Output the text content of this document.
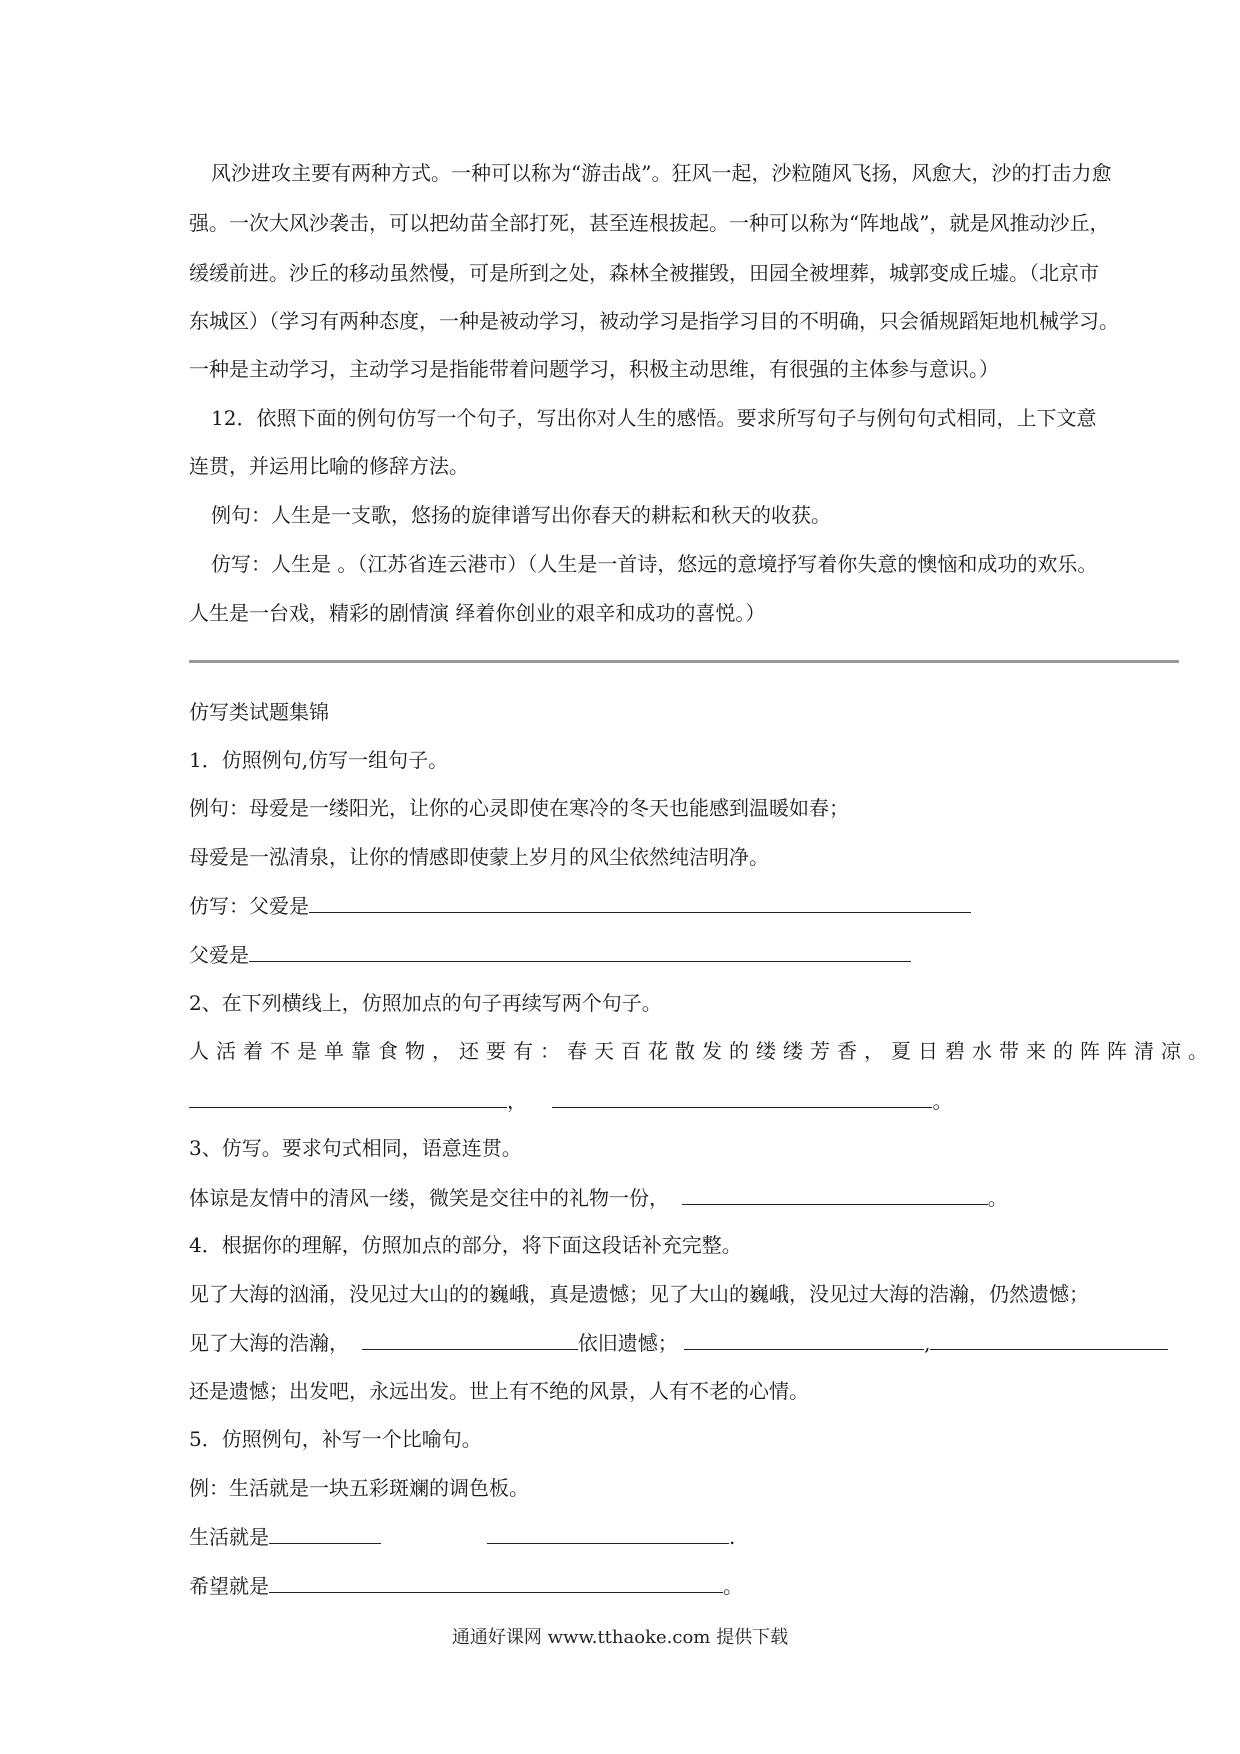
风沙进攻主要有两种方式。一种可以称为“游击战”。狂风一起，沙粒随风飞扬，风愈大，沙的打击力愈
强。一次大风沙袭击，可以把幼苗全部打死，甚至连根拔起。一种可以称为“阵地战”，就是风推动沙丘，
缓缓前进。沙丘的移动虽然慢，可是所到之处，森林全被摧毁，田园全被埋葬，城郭变成丘墟。（北京市
东城区）（学习有两种态度，一种是被动学习，被动学习是指学习目的不明确，只会循规蹈矩地机械学习。
一种是主动学习，主动学习是指能带着问题学习，积极主动思维，有很强的主体参与意识。）
12．依照下面的例句仿写一个句子，写出你对人生的感悟。要求所写句子与例句句式相同，上下文意
连贯，并运用比喻的修辞方法。
例句：人生是一支歌，悠扬的旋律谱写出你春天的耕耘和秋天的收获。
仿写：人生是 。（江苏省连云港市）（人生是一首诗，悠远的意境抒写着你失意的懊恼和成功的欢乐。
人生是一台戏，精彩的剧情演 绎着你创业的艰辛和成功的喜悦。）
仿写类试题集锦
1．仿照例句,仿写一组句子。
例句：母爱是一缕阳光，让你的心灵即使在寒冷的冬天也能感到温暖如春；
母爱是一泓清泉，让你的情感即使蒙上岁月的风尘依然纯洁明净。
仿写：父爱是
父爱是
2、在下列横线上，仿照加点的句子再续写两个句子。
人活着不是单靠食物，还要有：春天百花散发的缕缕芳香，夏日碧水带来的阵阵清凉。
，	。
3、仿写。要求句式相同，语意连贯。
体谅是友情中的清风一缕，微笑是交往中的礼物一份，	。
4．根据你的理解，仿照加点的部分，将下面这段话补充完整。
见了大海的汹涌，没见过大山的的巍峨，真是遗憾；见了大山的巍峨，没见过大海的浩瀚，仍然遗憾；
见了大海的浩瀚，	依旧遗憾；	,
还是遗憾；出发吧，永远出发。世上有不绝的风景，人有不老的心情。
5．仿照例句，补写一个比喻句。
例：生活就是一块五彩斑斓的调色板。
生活就是	.
希望就是	。
通通好课网 www.tthaoke.com 提供下载
